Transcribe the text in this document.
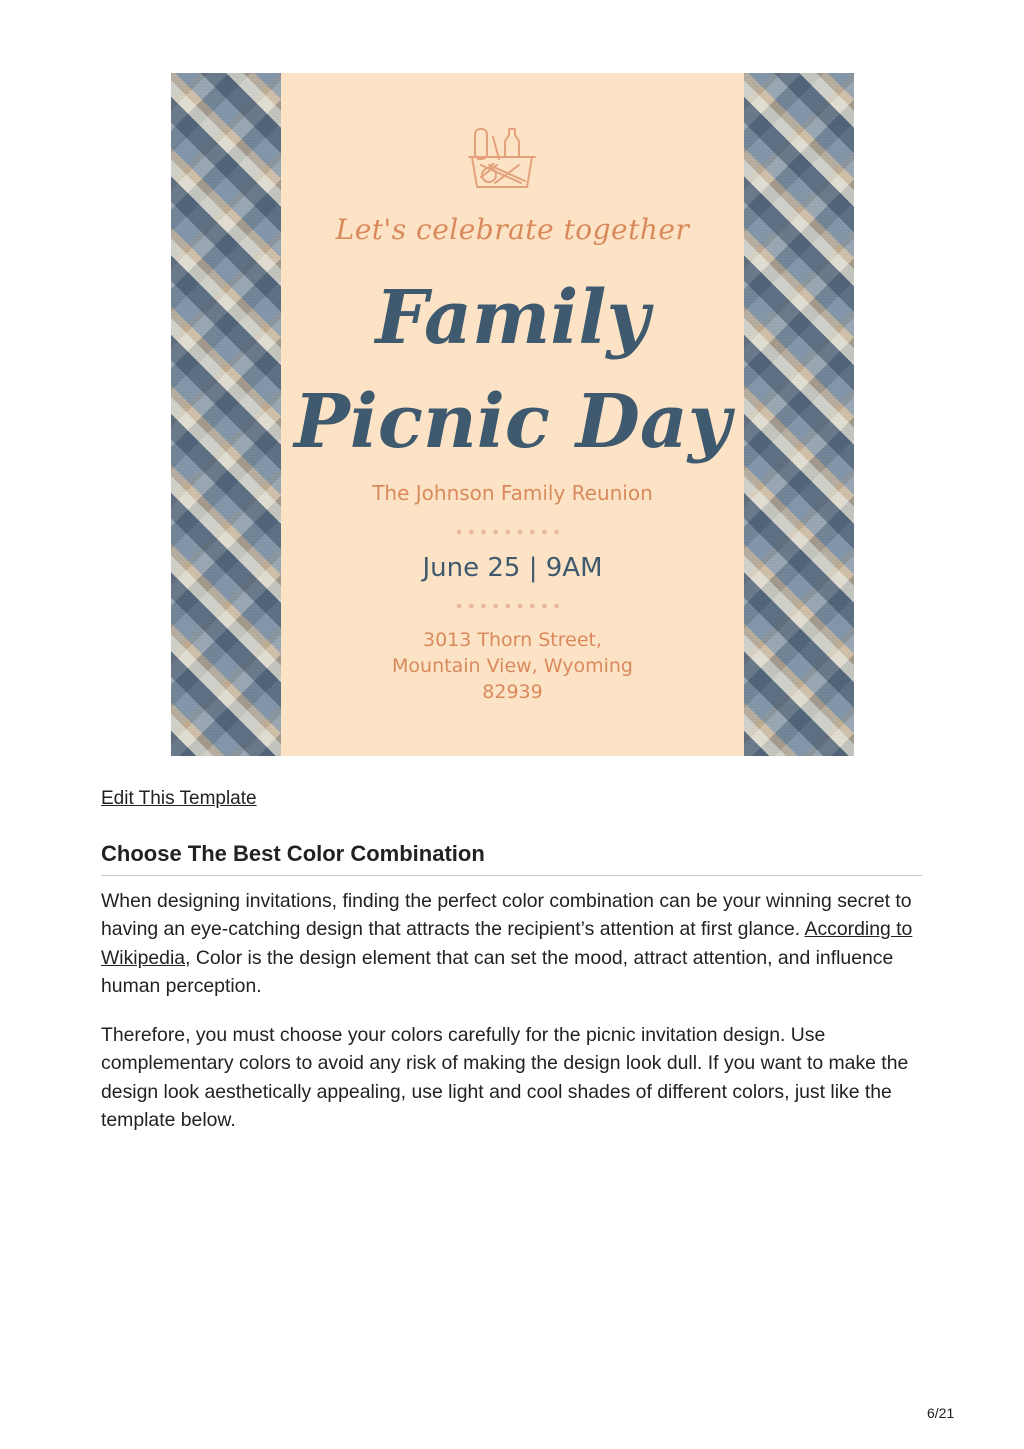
Let's celebrate together
Family
Picnic Day
The Johnson Family Reunion
June 25 | 9AM
3013 Thorn Street,
Mountain View, Wyoming
82939
Edit This Template
Choose The Best Color Combination

When designing invitations, finding the perfect color combination can be your winning secret to having an eye-catching design that attracts the recipient’s attention at first glance. According to Wikipedia, Color is the design element that can set the mood, attract attention, and influence human perception.

Therefore, you must choose your colors carefully for the picnic invitation design. Use complementary colors to avoid any risk of making the design look dull. If you want to make the design look aesthetically appealing, use light and cool shades of different colors, just like the template below.

6/21
